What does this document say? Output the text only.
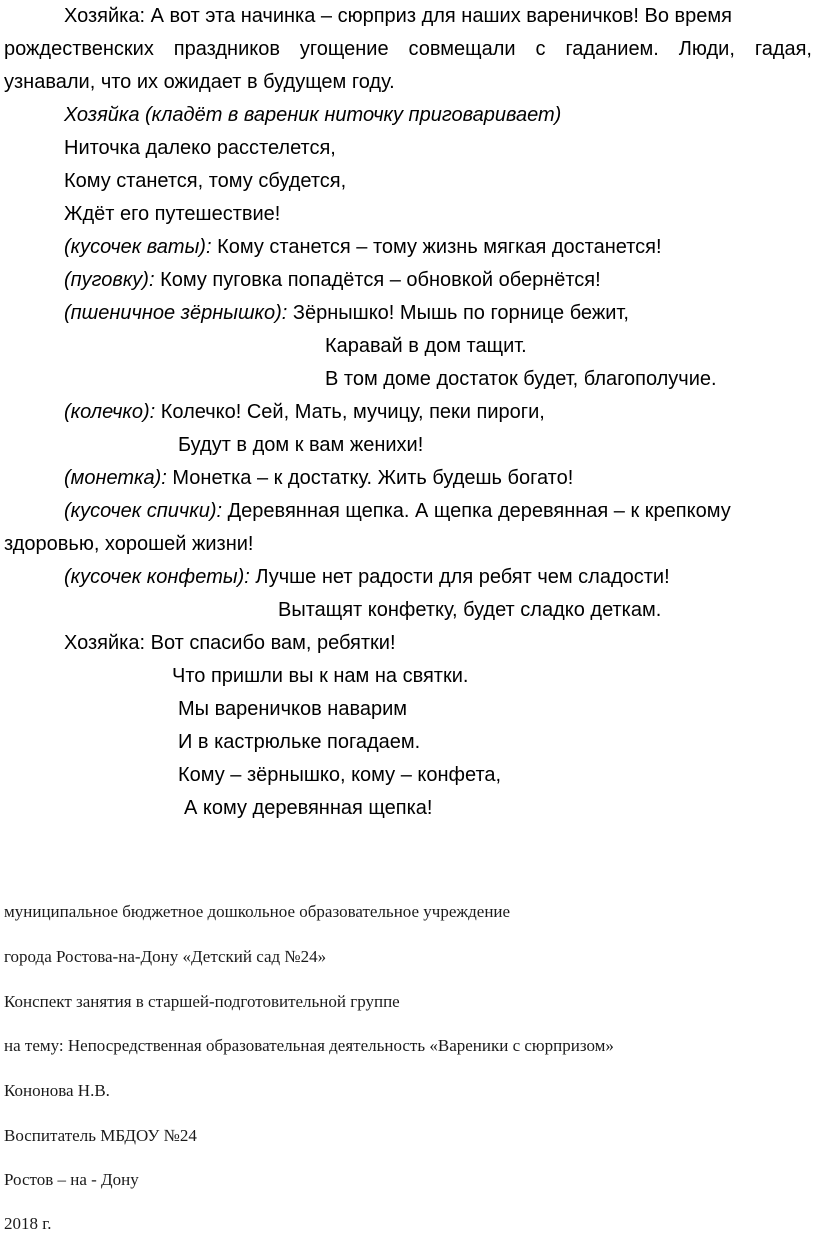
Хозяйка: А вот эта начинка – сюрприз для наших вареничков! Во время
рождественских праздников угощение совмещали с гаданием. Люди, гадая,
узнавали, что их ожидает в будущем году.
Хозяйка (кладёт в вареник ниточку приговаривает)
Ниточка далеко расстелется,
Кому станется, тому сбудется,
Ждёт его путешествие!
(кусочек ваты): Кому станется – тому жизнь мягкая достанется!
(пуговку): Кому пуговка попадётся – обновкой обернётся!
(пшеничное зёрнышко): Зёрнышко! Мышь по горнице бежит,
Каравай в дом тащит.
В том доме достаток будет, благополучие.
(колечко): Колечко! Сей, Мать, мучицу, пеки пироги,
Будут в дом к вам женихи!
(монетка): Монетка – к достатку. Жить будешь богато!
(кусочек спички): Деревянная щепка. А щепка деревянная – к крепкому
здоровью, хорошей жизни!
(кусочек конфеты): Лучше нет радости для ребят чем сладости!
Вытащят конфетку, будет сладко деткам.
Хозяйка: Вот спасибо вам, ребятки!
Что пришли вы к нам на святки.
Мы вареничков наварим
И в кастрюльке погадаем.
Кому – зёрнышко, кому – конфета,
А кому деревянная щепка!
муниципальное бюджетное дошкольное образовательное учреждение
города Ростова-на-Дону «Детский сад №24»
Конспект занятия в старшей-подготовительной группе
на тему: Непосредственная образовательная деятельность «Вареники с сюрпризом»
Кононова Н.В.
Воспитатель МБДОУ №24
Ростов – на - Дону
2018 г.
